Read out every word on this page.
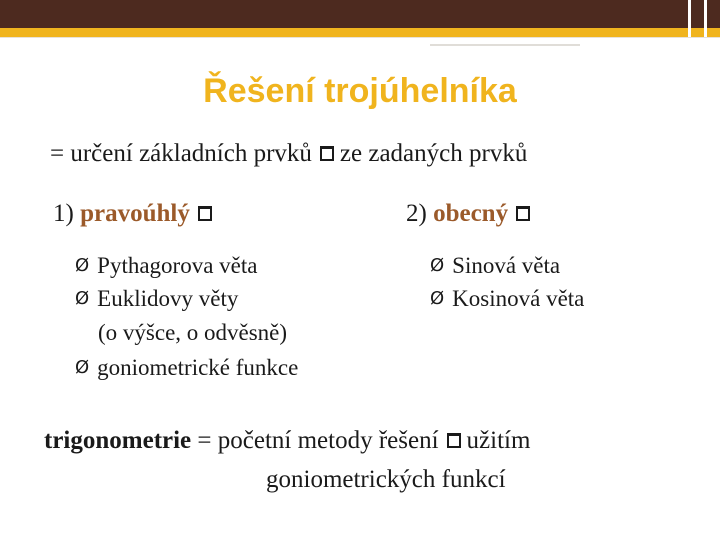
Řešení trojúhelníka
= určení základních prvků ze zadaných prvků
1) pravoúhlý	2) obecný
Ø Pythagorova věta
Ø Euklidovy věty
(o výšce, o odvěsně)
Ø goniometrické funkce
Ø Sinová věta
Ø Kosinová věta
trigonometrie = početní metody řešení užitím
goniometrických funkcí
